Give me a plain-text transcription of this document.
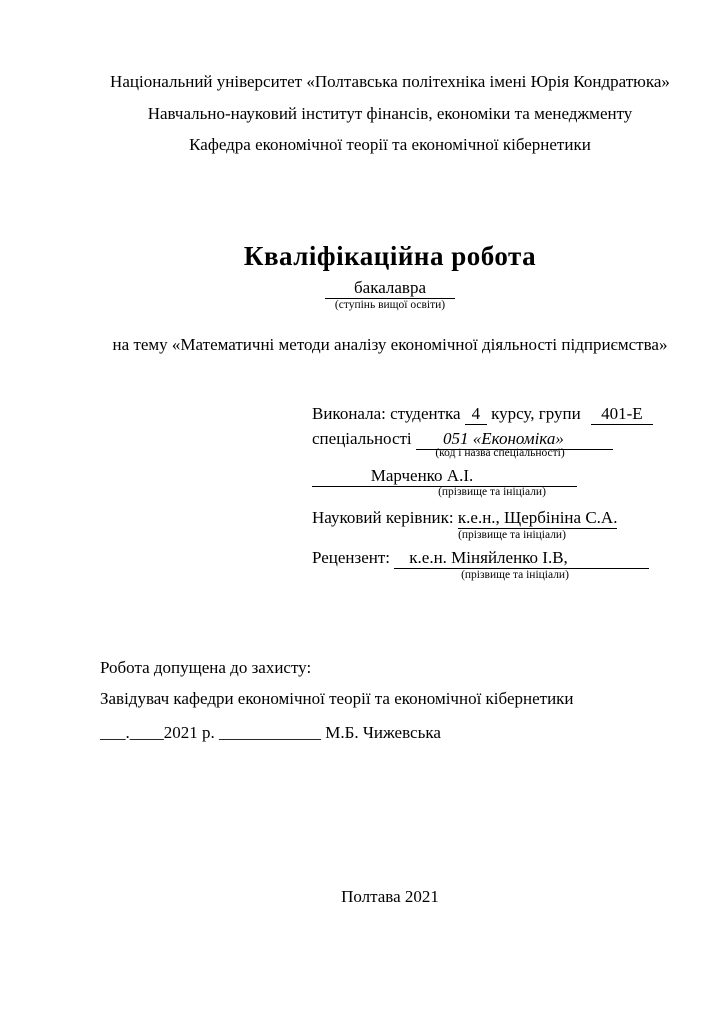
Національний університет «Полтавська політехніка імені Юрія Кондратюка»
Навчально-науковий інститут фінансів, економіки та менеджменту
Кафедра економічної теорії та економічної кібернетики
Кваліфікаційна робота
бакалавра
(ступінь вищої освіти)
на тему «Математичні методи аналізу економічної діяльності підприємства»
Виконала: студентка 4 курсу, групи 401-Е
спеціальності 051 «Економіка»
(код і назва спеціальності)
Марченко А.І.
(прізвище та ініціали)
Науковий керівник: к.е.н., Щербініна С.А.
(прізвище та ініціали)
Рецензент: к.е.н. Міняйленко І.В,
(прізвище та ініціали)
Робота допущена до захисту:
Завідувач кафедри економічної теорії та економічної кібернетики
___.____2021 р. ____________ М.Б. Чижевська
Полтава 2021
